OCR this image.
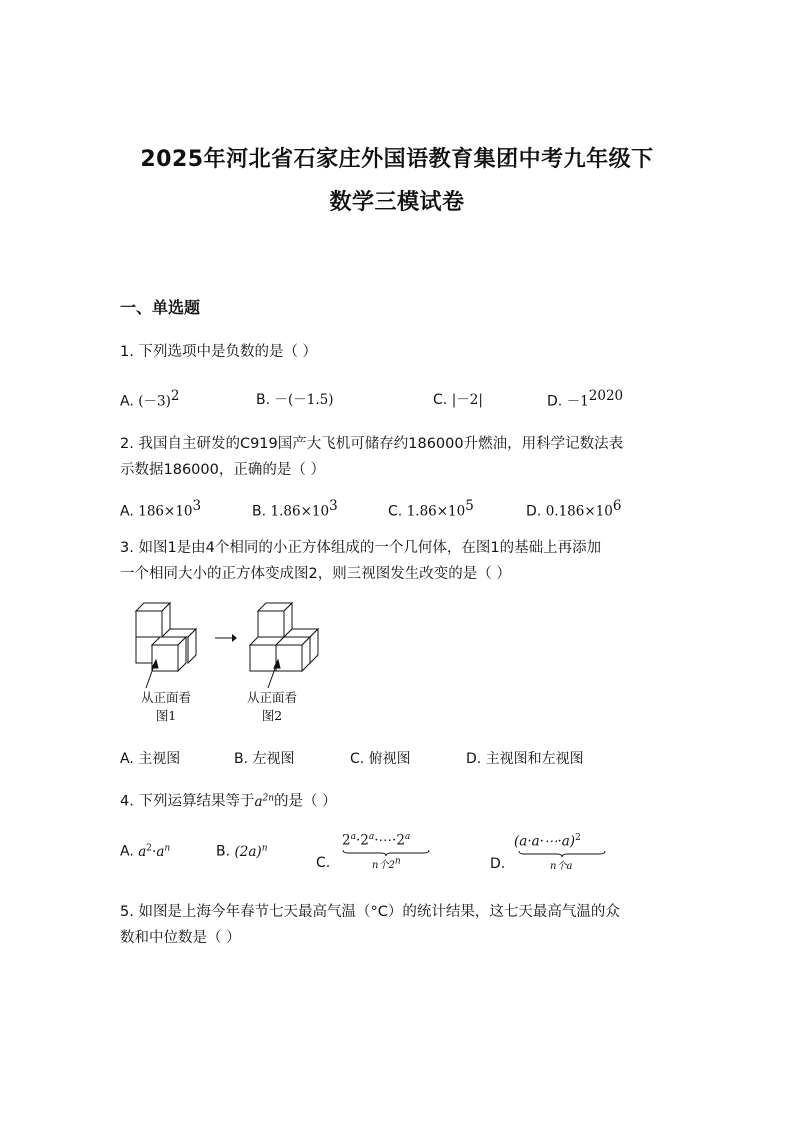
2025年河北省石家庄外国语教育集团中考九年级下
数学三模试卷
一、单选题
1. 下列选项中是负数的是（ ）
A. $(-3)^2$	B. －(－1.5)	C. |－2|	D. $-1^{2020}$
2. 我国自主研发的C919国产大飞机可储存约186000升燃油，用科学记数法表
示数据186000，正确的是（ ）
A. $186\times 10^3$	B. $1.86\times 10^3$	C. $1.86\times 10^5$	D. $0.186\times 10^6$
3. 如图1是由4个相同的小正方体组成的一个几何体，在图1的基础上再添加
一个相同大小的正方体变成图2，则三视图发生改变的是（ ）
从正面看
图1
从正面看
图2
A. 主视图	B. 左视图	C. 俯视图	D. 主视图和左视图
4. 下列运算结果等于$a^{2n}$的是（ ）
A. $a^2\cdot a^n$	B. $(2a)^n$
C.
$2^a\cdot 2^a\cdot\cdots\cdot 2^a$
n个2$^n$	D.
(a·a·⋯·a)$^2$
n个a
5. 如图是上海今年春节七天最高气温（°C）的统计结果，这七天最高气温的众
数和中位数是（ ）
